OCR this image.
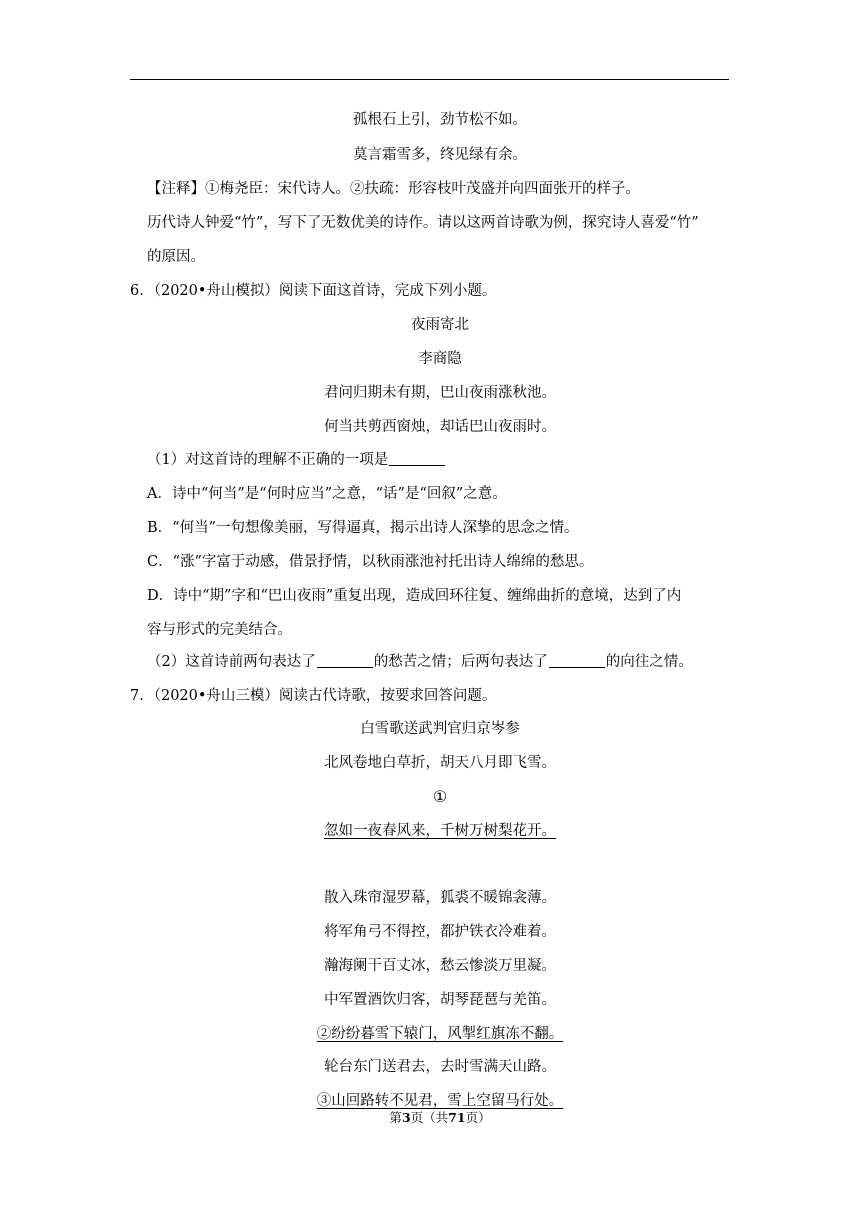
孤根石上引，劲节松不如。
莫言霜雪多，终见绿有余。
【注释】①梅尧臣：宋代诗人。②扶疏：形容枝叶茂盛并向四面张开的样子。
历代诗人钟爱“竹”，写下了无数优美的诗作。请以这两首诗歌为例，探究诗人喜爱“竹”
的原因。
6．（2020•舟山模拟）阅读下面这首诗，完成下列小题。
夜雨寄北
李商隐
君问归期未有期，巴山夜雨涨秋池。
何当共剪西窗烛，却话巴山夜雨时。
（1）对这首诗的理解不正确的一项是
A．诗中“何当”是“何时应当”之意，“话”是“回叙”之意。
B．“何当”一句想像美丽，写得逼真，揭示出诗人深挚的思念之情。
C．“涨”字富于动感，借景抒情，以秋雨涨池衬托出诗人绵绵的愁思。
D．诗中“期”字和“巴山夜雨”重复出现，造成回环往复、缠绵曲折的意境，达到了内
容与形式的完美结合。
（2）这首诗前两句表达了	的愁苦之情；后两句表达了	的向往之情。
7．（2020•舟山三模）阅读古代诗歌，按要求回答问题。
白雪歌送武判官归京岑参
北风卷地白草折，胡天八月即飞雪。
①
忽如一夜春风来，千树万树梨花开。
散入珠帘湿罗幕，狐裘不暖锦衾薄。
将军角弓不得控，都护铁衣冷难着。
瀚海阑干百丈冰，愁云惨淡万里凝。
中军置酒饮归客，胡琴琵琶与羌笛。
②纷纷暮雪下辕门，风掣红旗冻不翻。
轮台东门送君去，去时雪满天山路。
③山回路转不见君，雪上空留马行处。
第3页（共71页）
